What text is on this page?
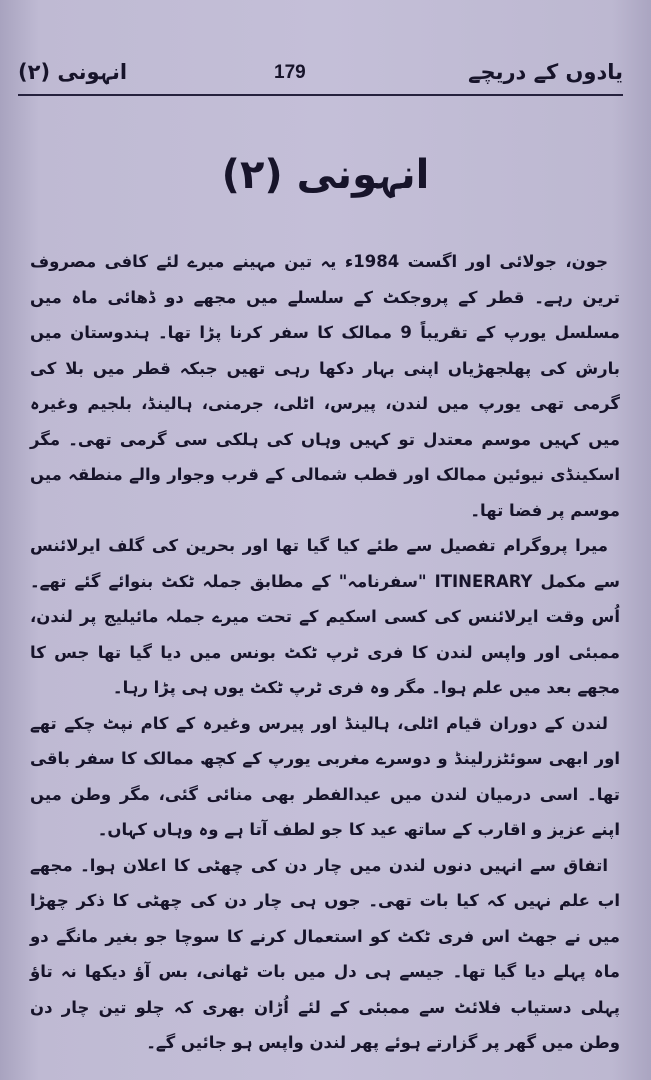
یادوں کے دریچے
179
انہونی (۲)
انہونی (۲)

جون، جولائی اور اگست 1984ء یہ تین مہینے میرے لئے کافی مصروف ترین رہے۔ قطر کے پروجکٹ کے سلسلے میں مجھے دو ڈھائی ماہ میں مسلسل یورپ کے تقریباً 9 ممالک کا سفر کرنا پڑا تھا۔ ہندوستان میں بارش کی پھلجھڑیاں اپنی بہار دکھا رہی تھیں جبکہ قطر میں بلا کی گرمی تھی یورپ میں لندن، پیرس، اٹلی، جرمنی، ہالینڈ، بلجیم وغیرہ میں کہیں موسم معتدل تو کہیں وہاں کی ہلکی سی گرمی تھی۔ مگر اسکینڈی نیوئین ممالک اور قطب شمالی کے قرب وجوار والے منطقہ میں موسم پر فضا تھا۔

میرا پروگرام تفصیل سے طئے کیا گیا تھا اور بحرین کی گلف ایرلائنس سے مکمل ITINERARY "سفرنامہ" کے مطابق جملہ ٹکٹ بنوائے گئے تھے۔ اُس وقت ایرلائنس کی کسی اسکیم کے تحت میرے جملہ مائیلیج پر لندن، ممبئی اور واپس لندن کا فری ٹرپ ٹکٹ بونس میں دیا گیا تھا جس کا مجھے بعد میں علم ہوا۔ مگر وہ فری ٹرپ ٹکٹ یوں ہی پڑا رہا۔

لندن کے دوران قیام اٹلی، ہالینڈ اور پیرس وغیرہ کے کام نپٹ چکے تھے اور ابھی سوئٹزرلینڈ و دوسرے مغربی یورپ کے کچھ ممالک کا سفر باقی تھا۔ اسی درمیان لندن میں عیدالفطر بھی منائی گئی، مگر وطن میں اپنے عزیز و اقارب کے ساتھ عید کا جو لطف آتا ہے وہ وہاں کہاں۔

اتفاق سے انہیں دنوں لندن میں چار دن کی چھٹی کا اعلان ہوا۔ مجھے اب علم نہیں کہ کیا بات تھی۔ جوں ہی چار دن کی چھٹی کا ذکر چھڑا میں نے جھٹ اس فری ٹکٹ کو استعمال کرنے کا سوچا جو بغیر مانگے دو ماہ پہلے دیا گیا تھا۔ جیسے ہی دل میں بات ٹھانی، بس آؤ دیکھا نہ تاؤ پہلی دستیاب فلائٹ سے ممبئی کے لئے اُڑان بھری کہ چلو تین چار دن وطن میں گھر پر گزارتے ہوئے پھر لندن واپس ہو جائیں گے۔
